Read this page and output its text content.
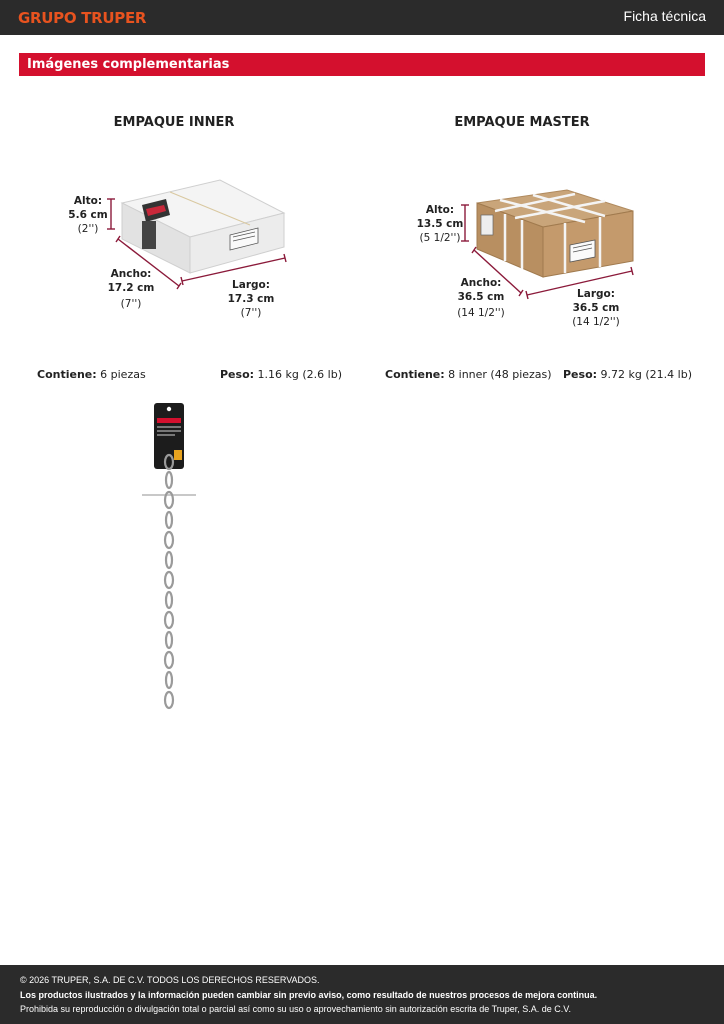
GRUPO TRUPER	Ficha técnica
Imágenes complementarias
EMPAQUE INNER
Alto:
5.6 cm
(2'')
Ancho:
17.2 cm
(7'')
Largo:
17.3 cm
(7'')
Contiene: 6 piezas	Peso: 1.16 kg (2.6 lb)
EMPAQUE MASTER
Alto:
13.5 cm
(5 1/2'')
Ancho:
36.5 cm
(14 1/2'')
Largo:
36.5 cm
(14 1/2'')
Contiene: 8 inner (48 piezas) Peso: 9.72 kg (21.4 lb)
© 2026 TRUPER, S.A. DE C.V. TODOS LOS DERECHOS RESERVADOS.
Los productos ilustrados y la información pueden cambiar sin previo aviso, como resultado de nuestros procesos de mejora continua.
Prohibida su reproducción o divulgación total o parcial así como su uso o aprovechamiento sin autorización escrita de Truper, S.A. de C.V.
